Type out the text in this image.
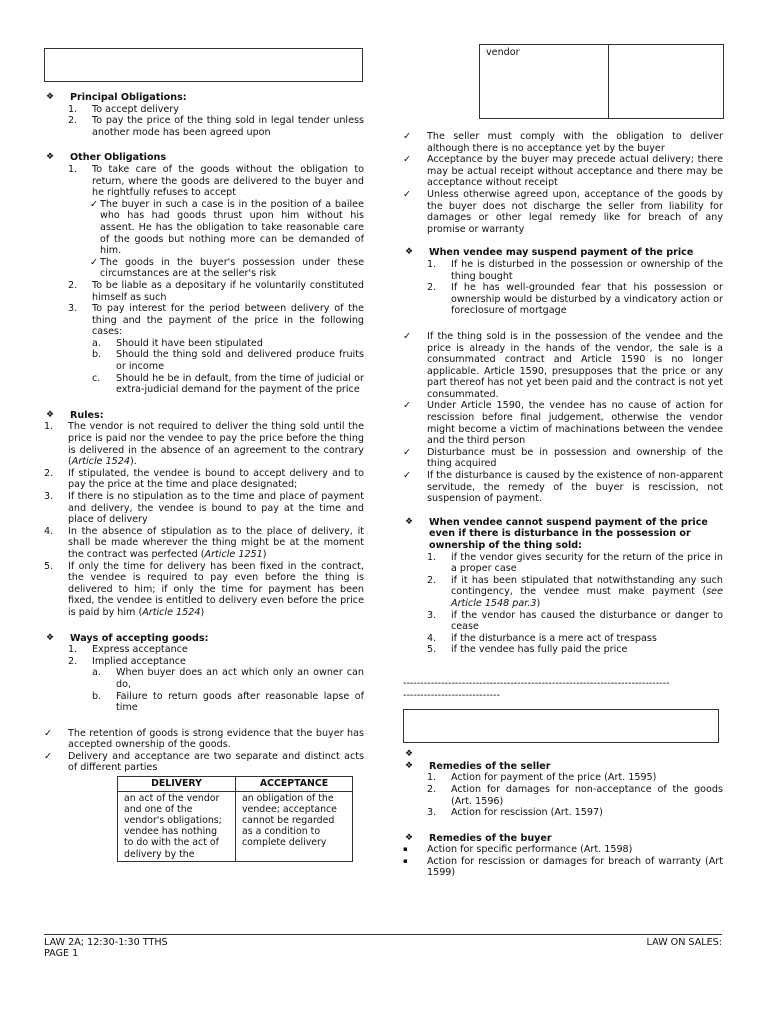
❖	Principal Obligations:
1.	To accept delivery
2.	To pay the price of the thing sold in legal tender unless another mode has been agreed upon
❖	Other Obligations
1.	To take care of the goods without the obligation to return, where the goods are delivered to the buyer and he rightfully refuses to accept
✓ The buyer in such a case is in the position of a bailee who has had goods thrust upon him without his assent. He has the obligation to take reasonable care of the goods but nothing more can be demanded of him.
✓ The goods in the buyer's possession under these circumstances are at the seller's risk
2.	To be liable as a depositary if he voluntarily constituted himself as such
3.	To pay interest for the period between delivery of the thing and the payment of the price in the following cases:
a.	Should it have been stipulated
b.	Should the thing sold and delivered produce fruits or income
c.	Should he be in default, from the time of judicial or extra-judicial demand for the payment of the price
❖	Rules:
1.	The vendor is not required to deliver the thing sold until the price is paid nor the vendee to pay the price before the thing is delivered in the absence of an agreement to the contrary (Article 1524).
2.	If stipulated, the vendee is bound to accept delivery and to pay the price at the time and place designated;
3.	If there is no stipulation as to the time and place of payment and delivery, the vendee is bound to pay at the time and place of delivery
4.	In the absence of stipulation as to the place of delivery, it shall be made wherever the thing might be at the moment the contract was perfected (Article 1251)
5.	If only the time for delivery has been fixed in the contract, the vendee is required to pay even before the thing is delivered to him; if only the time for payment has been fixed, the vendee is entitled to delivery even before the price is paid by him (Article 1524)
❖	Ways of accepting goods:
1.	Express acceptance
2.	Implied acceptance
a.	When buyer does an act which only an owner can do,
b.	Failure to return goods after reasonable lapse of time
✓	The retention of goods is strong evidence that the buyer has accepted ownership of the goods.
✓	Delivery and acceptance are two separate and distinct acts of different parties
DELIVERY	ACCEPTANCE
an act of the vendor and one of the vendor's obligations; vendee has nothing to do with the act of delivery by the	an obligation of the vendee; acceptance cannot be regarded as a condition to complete delivery
vendor
✓	The seller must comply with the obligation to deliver although there is no acceptance yet by the buyer
✓	Acceptance by the buyer may precede actual delivery; there may be actual receipt without acceptance and there may be acceptance without receipt
✓	Unless otherwise agreed upon, acceptance of the goods by the buyer does not discharge the seller from liability for damages or other legal remedy like for breach of any promise or warranty
❖	When vendee may suspend payment of the price
1.	If he is disturbed in the possession or ownership of the thing bought
2.	If he has well-grounded fear that his possession or ownership would be disturbed by a vindicatory action or foreclosure of mortgage
✓	If the thing sold is in the possession of the vendee and the price is already in the hands of the vendor, the sale is a consummated contract and Article 1590 is no longer applicable. Article 1590, presupposes that the price or any part thereof has not yet been paid and the contract is not yet consummated.
✓	Under Article 1590, the vendee has no cause of action for rescission before final judgement, otherwise the vendor might become a victim of machinations between the vendee and the third person
✓	Disturbance must be in possession and ownership of the thing acquired
✓	If the disturbance is caused by the existence of non-apparent servitude, the remedy of the buyer is rescission, not suspension of payment.
❖	When vendee cannot suspend payment of the price even if there is disturbance in the possession or ownership of the thing sold:
1.	if the vendor gives security for the return of the price in a proper case
2.	if it has been stipulated that notwithstanding any such contingency, the vendee must make payment (see Article 1548 par.3)
3.	if the vendor has caused the disturbance or danger to cease
4.	if the disturbance is a mere act of trespass
5.	if the vendee has fully paid the price
-----------------------------------------------------------------------------
----------------------------
❖
❖	Remedies of the seller
1.	Action for payment of the price (Art. 1595)
2.	Action for damages for non-acceptance of the goods (Art. 1596)
3.	Action for rescission (Art. 1597)
❖	Remedies of the buyer
▪	Action for specific performance (Art. 1598)
▪	Action for rescission or damages for breach of warranty (Art 1599)
LAW 2A; 12:30-1:30 TTHS	LAW ON SALES:
PAGE 1
